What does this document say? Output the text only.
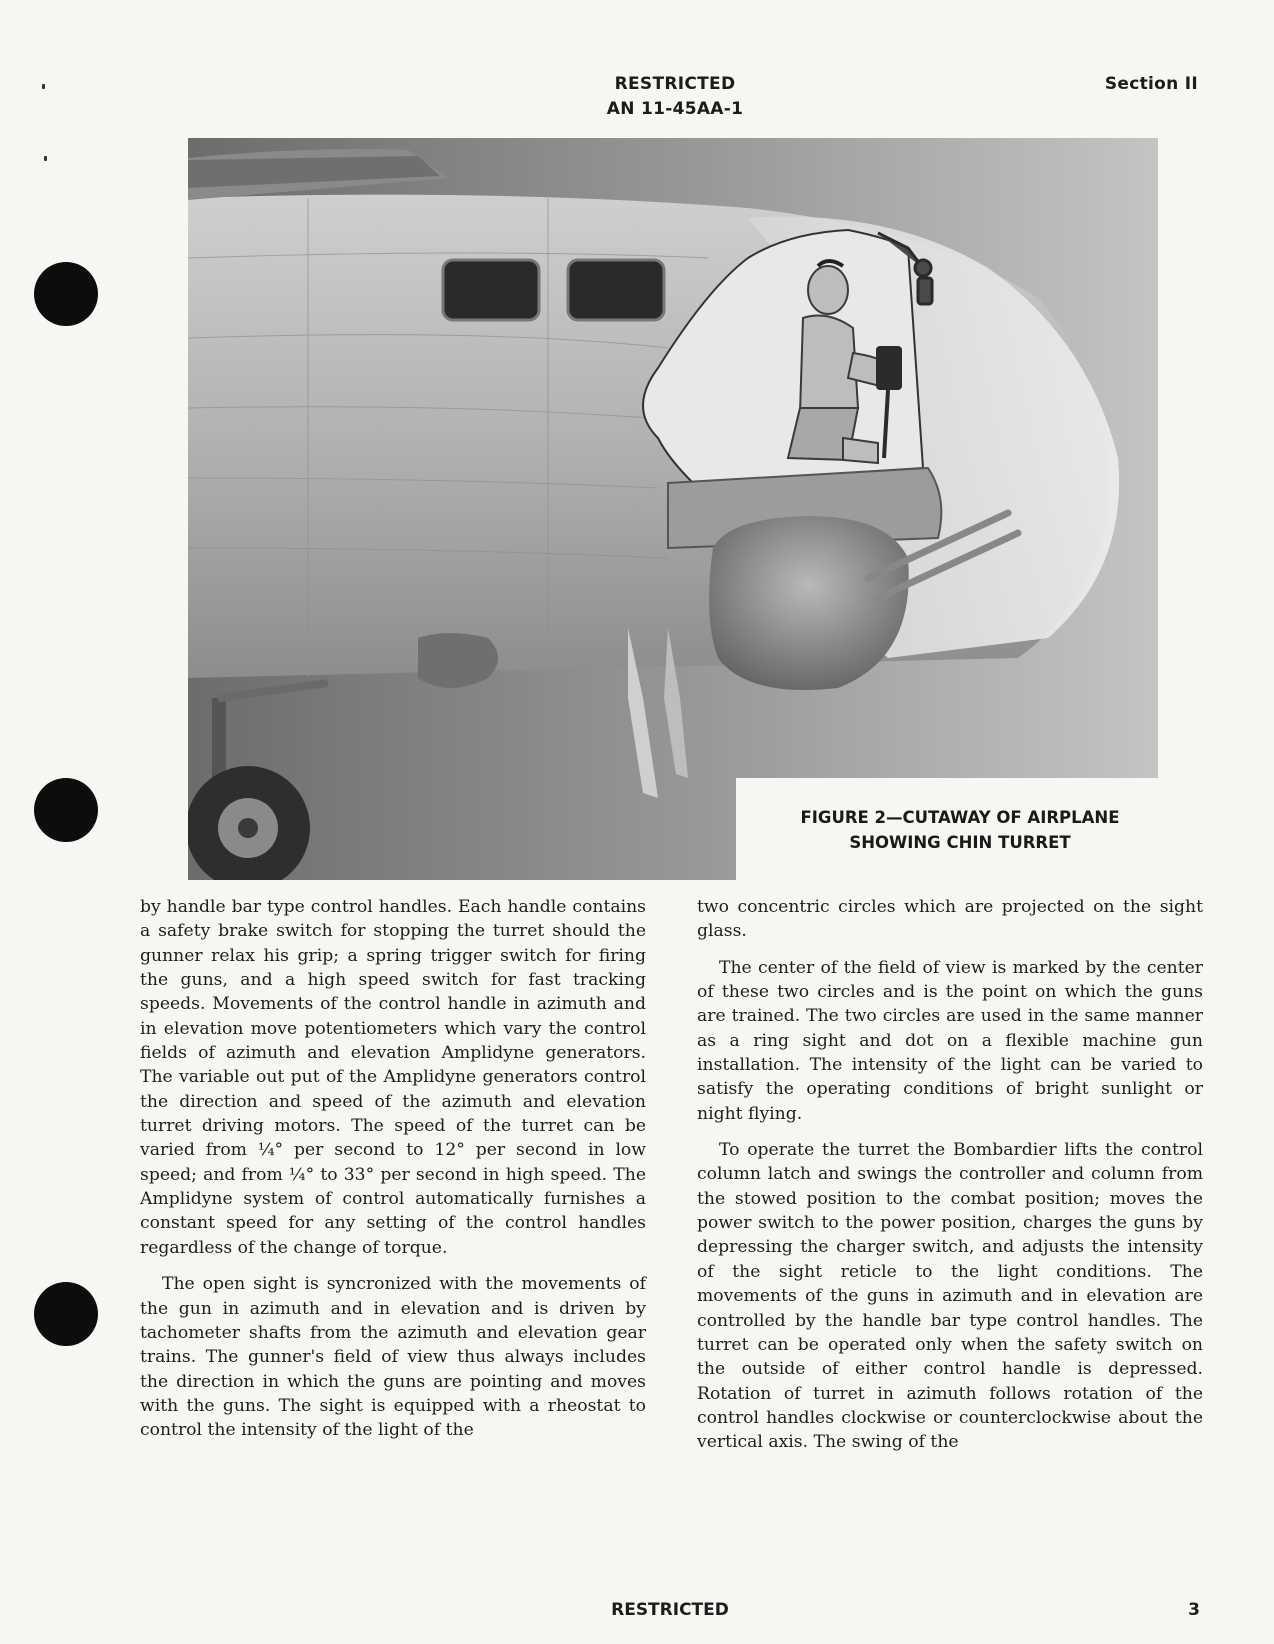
RESTRICTED
AN 11-45AA-1
Section II
FIGURE 2—CUTAWAY OF AIRPLANE
SHOWING CHIN TURRET

by handle bar type control handles. Each handle contains a safety brake switch for stopping the turret should the gunner relax his grip; a spring trigger switch for firing the guns, and a high speed switch for fast tracking speeds. Movements of the control handle in azimuth and in elevation move potentiometers which vary the control fields of azimuth and elevation Amplidyne generators. The variable out put of the Amplidyne generators control the direction and speed of the azimuth and elevation turret driving motors. The speed of the turret can be varied from ¼° per second to 12° per second in low speed; and from ¼° to 33° per second in high speed. The Amplidyne system of control automatically furnishes a constant speed for any setting of the control handles regardless of the change of torque.

The open sight is syncronized with the movements of the gun in azimuth and in elevation and is driven by tachometer shafts from the azimuth and elevation gear trains. The gunner's field of view thus always includes the direction in which the guns are pointing and moves with the guns. The sight is equipped with a rheostat to control the intensity of the light of the

two concentric circles which are projected on the sight glass.

The center of the field of view is marked by the center of these two circles and is the point on which the guns are trained. The two circles are used in the same manner as a ring sight and dot on a flexible machine gun installation. The intensity of the light can be varied to satisfy the operating conditions of bright sunlight or night flying.

To operate the turret the Bombardier lifts the control column latch and swings the controller and column from the stowed position to the combat position; moves the power switch to the power position, charges the guns by depressing the charger switch, and adjusts the intensity of the sight reticle to the light conditions. The movements of the guns in azimuth and in elevation are controlled by the handle bar type control handles. The turret can be operated only when the safety switch on the outside of either control handle is depressed. Rotation of turret in azimuth follows rotation of the control handles clockwise or counterclockwise about the vertical axis. The swing of the

RESTRICTED	3
